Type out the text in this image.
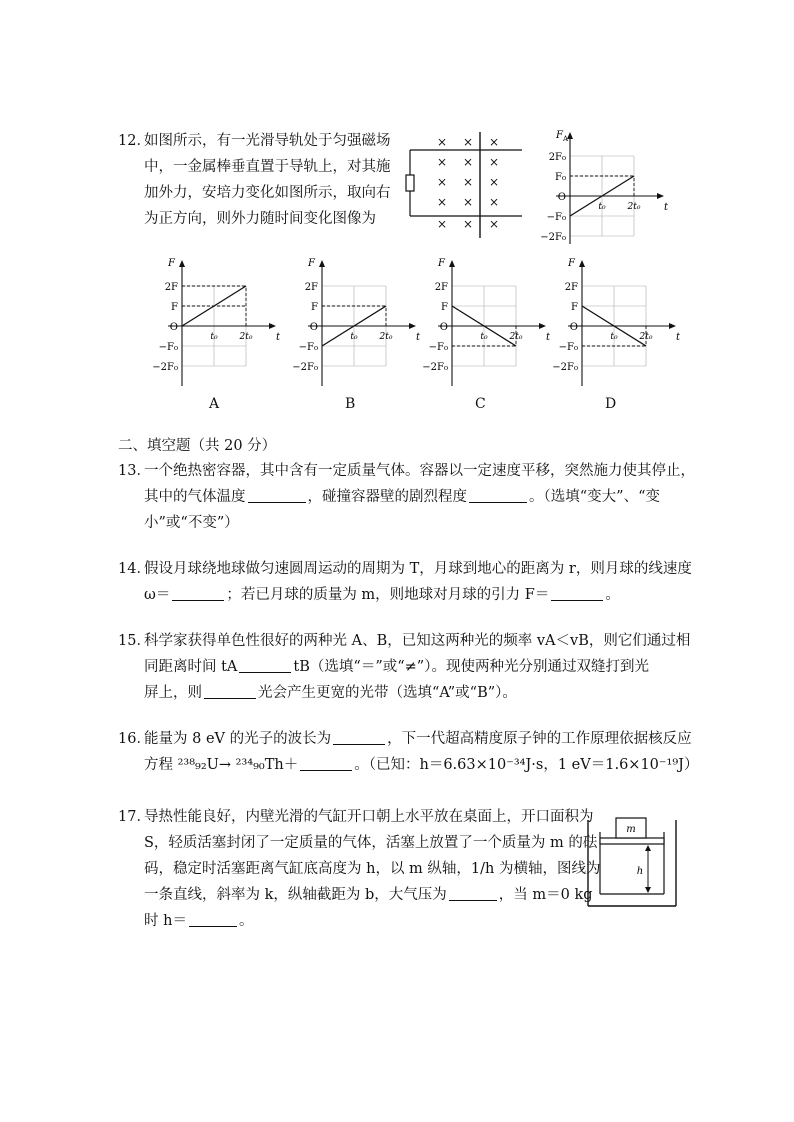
12．
如图所示，有一光滑导轨处于匀强磁场
中，一金属棒垂直置于导轨上，对其施
加外力，安培力变化如图所示，取向右
为正方向，则外力随时间变化图像为
× × ×
× × ×
× × ×
× × ×
× × ×
F A
t
2F₀
F₀
O
−F₀
−2F₀
t₀ 2t₀
F
t
2F
F
O
−F₀
−2F₀
t₀ 2t₀
F
t
2F
F
O
−F₀
−2F₀
t₀ 2t₀
F
t
2F
F
O
−F₀
−2F₀
t₀ 2t₀
F
t
2F
F
O
−F₀
−2F₀
t₀ 2t₀
A	B	C	D
二、填空题（共 20 分）
13．
一个绝热密容器，其中含有一定质量气体。容器以一定速度平移，突然施力使其停止，
其中的气体温度	，碰撞容器壁的剧烈程度	。（选填“变大”、“变
小”或“不变”）
14．
假设月球绕地球做匀速圆周运动的周期为 T，月球到地心的距离为 r，则月球的线速度
ω＝	；若已月球的质量为 m，则地球对月球的引力 F＝	。
15．
科学家获得单色性很好的两种光 A、B，已知这两种光的频率 vA＜vB，则它们通过相
同距离时间 tA	tB（选填“＝”或“≠”）。现使两种光分别通过双缝打到光
屏上，则	光会产生更宽的光带（选填“A”或“B”）。
16．
能量为 8 eV 的光子的波长为	，下一代超高精度原子钟的工作原理依据核反应
方程 ²³⁸₉₂U→ ²³⁴₉₀Th＋	。（已知：h＝6.63×10⁻³⁴J·s，1 eV＝1.6×10⁻¹⁹J）
17．
导热性能良好，内壁光滑的气缸开口朝上水平放在桌面上，开口面积为
S，轻质活塞封闭了一定质量的气体，活塞上放置了一个质量为 m 的砝
码，稳定时活塞距离气缸底高度为 h，以 m 纵轴，1/h 为横轴，图线为
一条直线，斜率为 k，纵轴截距为 b，大气压为	，当 m＝0 kg
时 h＝	。
m
h
